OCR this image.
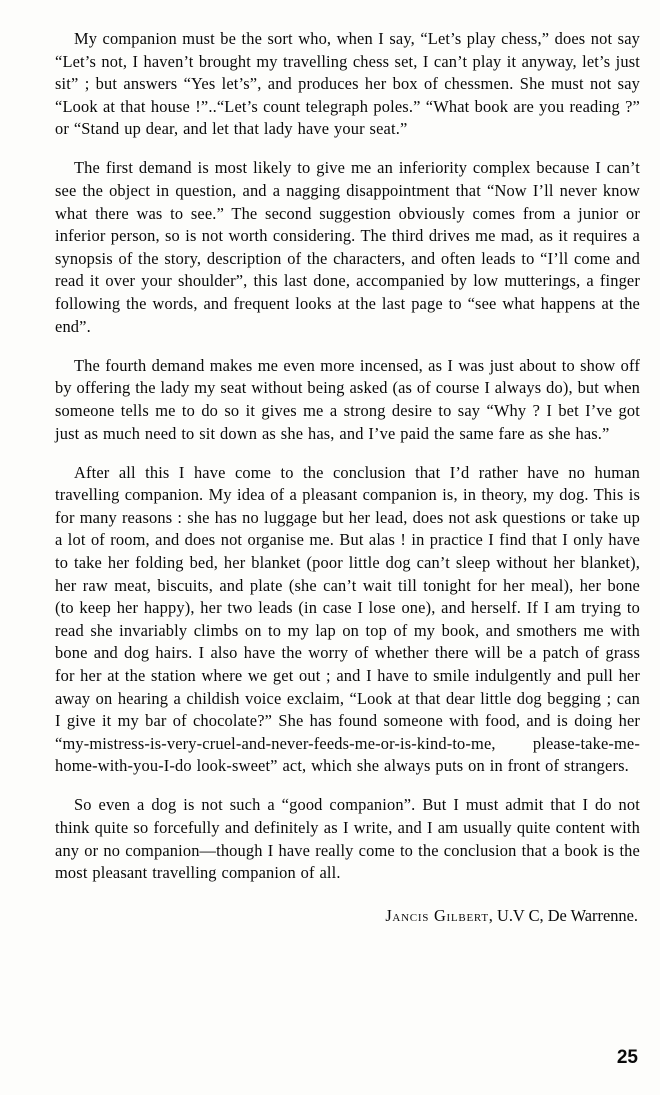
My companion must be the sort who, when I say, “Let’s play chess,” does not say “Let’s not, I haven’t brought my travelling chess set, I can’t play it anyway, let’s just sit” ; but answers “Yes let’s”, and produces her box of chessmen. She must not say “Look at that house !”..“Let’s count telegraph poles.” “What book are you reading ?” or “Stand up dear, and let that lady have your seat.”

The first demand is most likely to give me an inferiority complex because I can’t see the object in question, and a nagging disappointment that “Now I’ll never know what there was to see.” The second suggestion obviously comes from a junior or inferior person, so is not worth considering. The third drives me mad, as it requires a synopsis of the story, description of the characters, and often leads to “I’ll come and read it over your shoulder”, this last done, accompanied by low mutterings, a finger following the words, and frequent looks at the last page to “see what happens at the end”.

The fourth demand makes me even more incensed, as I was just about to show off by offering the lady my seat without being asked (as of course I always do), but when someone tells me to do so it gives me a strong desire to say “Why ? I bet I’ve got just as much need to sit down as she has, and I’ve paid the same fare as she has.”

After all this I have come to the conclusion that I’d rather have no human travelling companion. My idea of a pleasant companion is, in theory, my dog. This is for many reasons : she has no luggage but her lead, does not ask questions or take up a lot of room, and does not organise me. But alas ! in practice I find that I only have to take her folding bed, her blanket (poor little dog can’t sleep without her blanket), her raw meat, biscuits, and plate (she can’t wait till tonight for her meal), her bone (to keep her happy), her two leads (in case I lose one), and herself. If I am trying to read she invariably climbs on to my lap on top of my book, and smothers me with bone and dog hairs. I also have the worry of whether there will be a patch of grass for her at the station where we get out ; and I have to smile indulgently and pull her away on hearing a childish voice exclaim, “Look at that dear little dog begging ; can I give it my bar of chocolate?” She has found someone with food, and is doing her “my-mistress-is-very-cruel-and-never-feeds-me-or-is-kind-to-me, please-take-me-home-with-you-I-do look-sweet” act, which she always puts on in front of strangers.

So even a dog is not such a “good companion”. But I must admit that I do not think quite so forcefully and definitely as I write, and I am usually quite content with any or no companion—though I have really come to the conclusion that a book is the most pleasant travelling companion of all.

Jancis Gilbert, U.V C, De Warrenne.
25
